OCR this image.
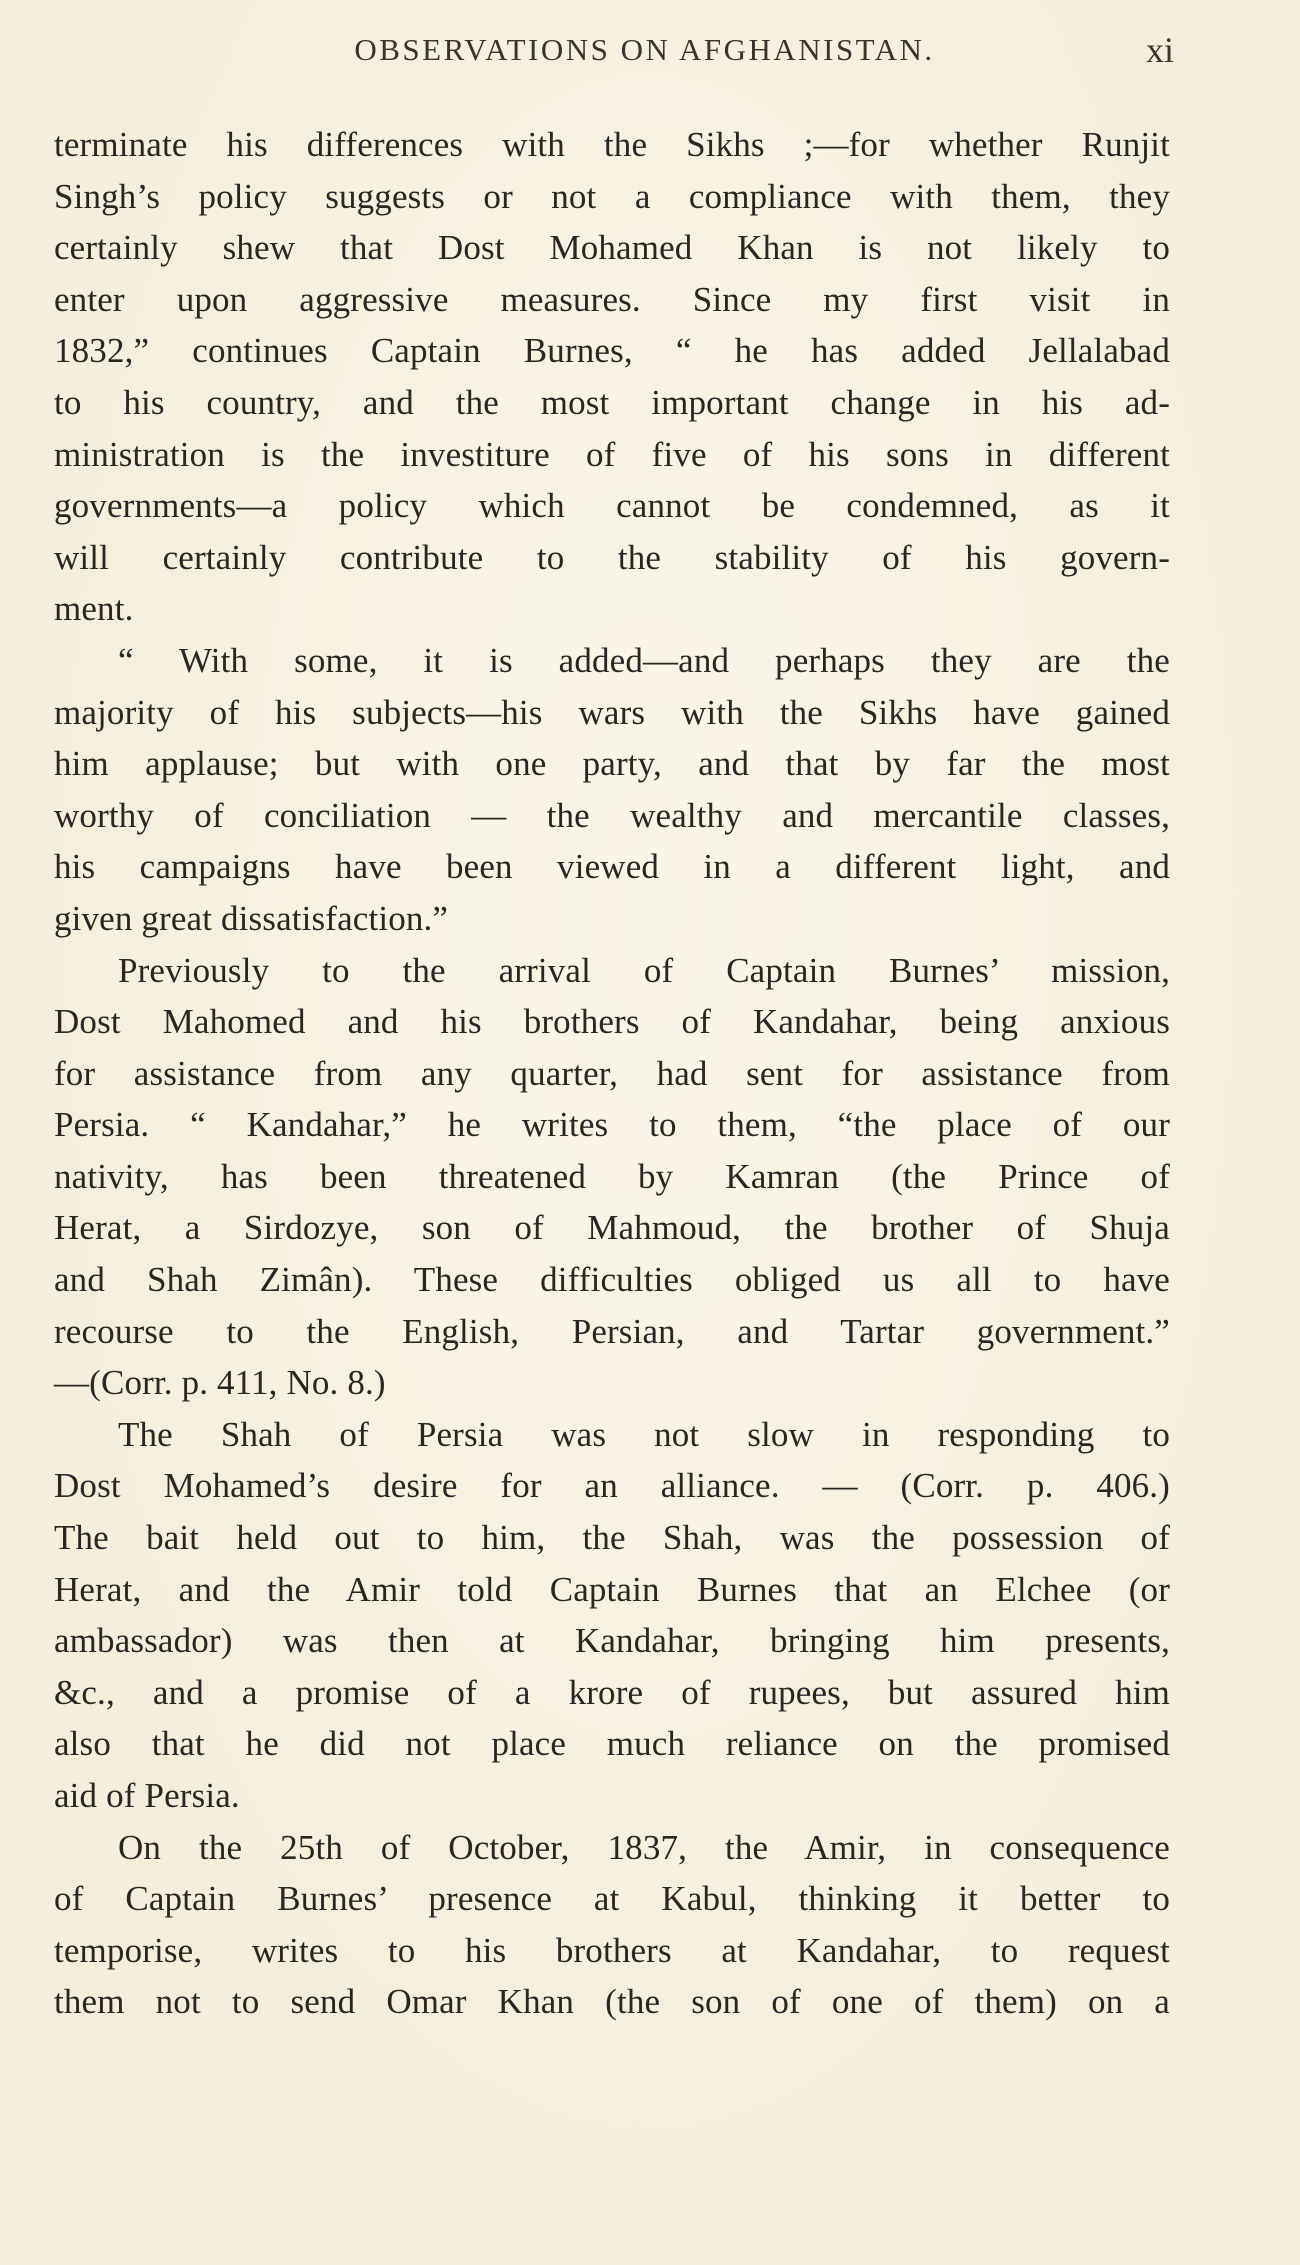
OBSERVATIONS ON AFGHANISTAN.	xi
terminate his differences with the Sikhs ;—for whether Runjit
Singh’s policy suggests or not a compliance with them, they
certainly shew that Dost Mohamed Khan is not likely to
enter upon aggressive measures. Since my first visit in
1832,” continues Captain Burnes, “ he has added Jellalabad
to his country, and the most important change in his ad-
ministration is the investiture of five of his sons in different
governments—a policy which cannot be condemned, as it
will certainly contribute to the stability of his govern-
ment.
“ With some, it is added—and perhaps they are the
majority of his subjects—his wars with the Sikhs have gained
him applause; but with one party, and that by far the most
worthy of conciliation — the wealthy and mercantile classes,
his campaigns have been viewed in a different light, and
given great dissatisfaction.”
Previously to the arrival of Captain Burnes’ mission,
Dost Mahomed and his brothers of Kandahar, being anxious
for assistance from any quarter, had sent for assistance from
Persia. “ Kandahar,” he writes to them, “the place of our
nativity, has been threatened by Kamran (the Prince of
Herat, a Sirdozye, son of Mahmoud, the brother of Shuja
and Shah Zimân). These difficulties obliged us all to have
recourse to the English, Persian, and Tartar government.”
—(Corr. p. 411, No. 8.)
The Shah of Persia was not slow in responding to
Dost Mohamed’s desire for an alliance. — (Corr. p. 406.)
The bait held out to him, the Shah, was the possession of
Herat, and the Amir told Captain Burnes that an Elchee (or
ambassador) was then at Kandahar, bringing him presents,
&c., and a promise of a krore of rupees, but assured him
also that he did not place much reliance on the promised
aid of Persia.
On the 25th of October, 1837, the Amir, in consequence
of Captain Burnes’ presence at Kabul, thinking it better to
temporise, writes to his brothers at Kandahar, to request
them not to send Omar Khan (the son of one of them) on a
